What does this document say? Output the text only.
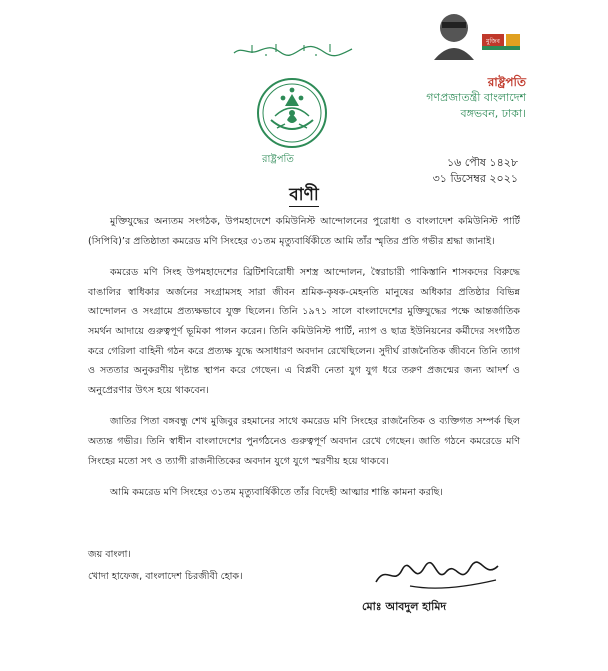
রাষ্ট্রপতি
মুজিব
রাষ্ট্রপতি
গণপ্রজাতন্ত্রী বাংলাদেশ
বঙ্গভবন, ঢাকা।
১৬ পৌষ ১৪২৮
৩১ ডিসেম্বর ২০২১
বাণী

মুক্তিযুদ্ধের অন্যতম সংগঠক, উপমহাদেশে কমিউনিস্ট আন্দোলনের পুরোধা ও বাংলাদেশ কমিউনিস্ট পার্টি (সিপিবি)’র প্রতিষ্ঠাতা কমরেড মণি সিংহের ৩১তম মৃত্যুবার্ষিকীতে আমি তাঁর স্মৃতির প্রতি গভীর শ্রদ্ধা জানাই।

কমরেড মণি সিংহ উপমহাদেশের ব্রিটিশবিরোধী সশস্ত্র আন্দোলন, স্বৈরাচারী পাকিস্তানি শাসকদের বিরুদ্ধে বাঙালির স্বাধিকার অর্জনের সংগ্রামসহ সারা জীবন শ্রমিক-কৃষক-মেহনতি মানুষের অধিকার প্রতিষ্ঠার বিভিন্ন আন্দোলন ও সংগ্রামে প্রত্যক্ষভাবে যুক্ত ছিলেন। তিনি ১৯৭১ সালে বাংলাদেশের মুক্তিযুদ্ধের পক্ষে আন্তর্জাতিক সমর্থন আদায়ে গুরুত্বপূর্ণ ভূমিকা পালন করেন। তিনি কমিউনিস্ট পার্টি, ন্যাপ ও ছাত্র ইউনিয়নের কর্মীদের সংগঠিত করে গেরিলা বাহিনী গঠন করে প্রত্যক্ষ যুদ্ধে অসাধারণ অবদান রেখেছিলেন। সুদীর্ঘ রাজনৈতিক জীবনে তিনি ত্যাগ ও সততার অনুকরণীয় দৃষ্টান্ত স্থাপন করে গেছেন। এ বিপ্লবী নেতা যুগ যুগ ধরে তরুণ প্রজন্মের জন্য আদর্শ ও অনুপ্রেরণার উৎস হয়ে থাকবেন।

জাতির পিতা বঙ্গবন্ধু শেখ মুজিবুর রহমানের সাথে কমরেড মণি সিংহের রাজনৈতিক ও ব্যক্তিগত সম্পর্ক ছিল অত্যন্ত গভীর। তিনি স্বাধীন বাংলাদেশের পুনর্গঠনেও গুরুত্বপূর্ণ অবদান রেখে গেছেন। জাতি গঠনে কমরেডে মণি সিংহের মতো সৎ ও ত্যাগী রাজনীতিকের অবদান যুগে যুগে স্মরণীয় হয়ে থাকবে।

আমি কমরেড মণি সিংহের ৩১তম মৃত্যুবার্ষিকীতে তাঁর বিদেহী আত্মার শান্তি কামনা করছি।

জয় বাংলা।
খোদা হাফেজ, বাংলাদেশ চিরজীবী হোক।
মোঃ আবদুল হামিদ
